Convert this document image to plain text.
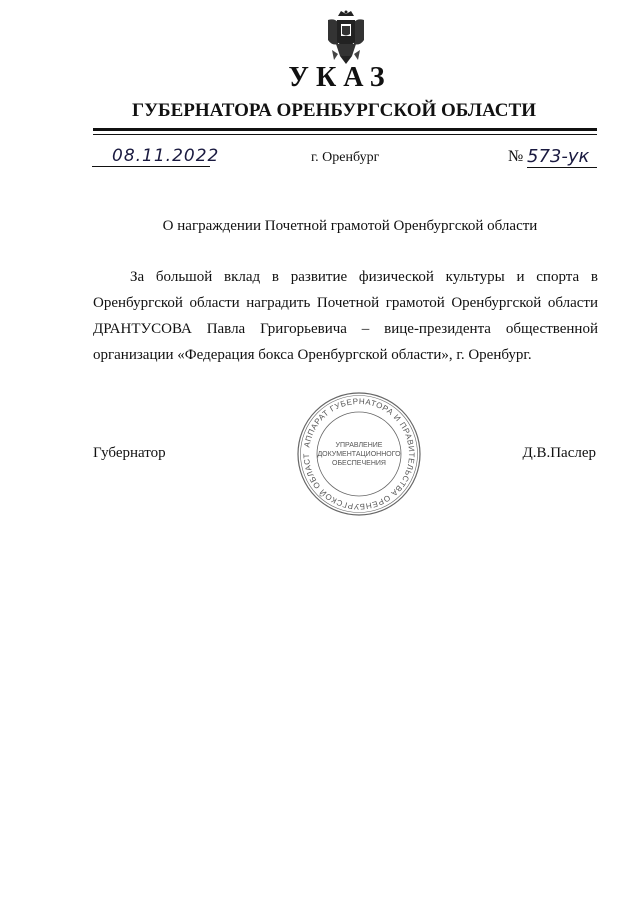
УКАЗ
ГУБЕРНАТОРА ОРЕНБУРГСКОЙ ОБЛАСТИ
08.11.2022	г. Оренбург	№ 573-ук
О награждении Почетной грамотой Оренбургской области

За большой вклад в развитие физической культуры и спорта в Оренбургской области наградить Почетной грамотой Оренбургской области ДРАНТУСОВА Павла Григорьевича – вице-президента общественной организации «Федерация бокса Оренбургской области», г. Оренбург.

Губернатор
АППАРАТ ГУБЕРНАТОРА И ПРАВИТЕЛЬСТВА ОРЕНБУРГСКОЙ ОБЛАСТ
УПРАВЛЕНИЕ
ДОКУМЕНТАЦИОННОГО
ОБЕСПЕЧЕНИЯ
Д.В.Паслер
